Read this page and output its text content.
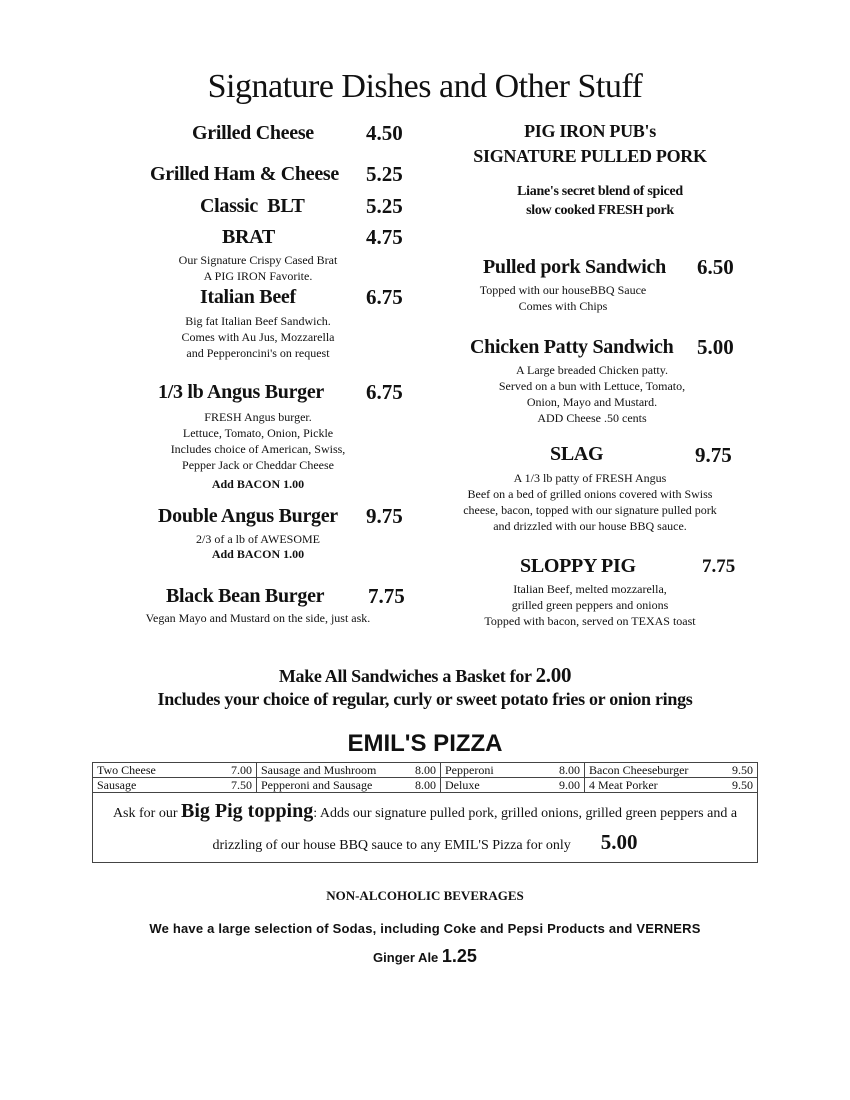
Signature Dishes and Other Stuff
Grilled Cheese 4.50
Grilled Ham & Cheese 5.25
Classic  BLT	5.25
BRAT	4.75
Our Signature Crispy Cased Brat
A PIG IRON Favorite.
Italian Beef	6.75
Big fat Italian Beef Sandwich.
Comes with Au Jus, Mozzarella
and Pepperoncini's on request
1/3 lb Angus Burger 6.75
FRESH Angus burger.
Lettuce, Tomato, Onion, Pickle
Includes choice of American, Swiss,
Pepper Jack or Cheddar Cheese
Add BACON 1.00
Double Angus Burger 9.75
2/3 of a lb of AWESOME
Add BACON 1.00
Black Bean Burger 7.75
Vegan Mayo and Mustard on the side, just ask.
PIG IRON PUB's
SIGNATURE PULLED PORK
Liane's secret blend of spiced
slow cooked FRESH pork
Pulled pork Sandwich 6.50
Topped with our houseBBQ Sauce
Comes with Chips
Chicken Patty Sandwich 5.00
A Large breaded Chicken patty.
Served on a bun with Lettuce, Tomato,
Onion, Mayo and Mustard.
ADD Cheese .50 cents
SLAG	9.75
A 1/3 lb patty of FRESH Angus
Beef on a bed of grilled onions covered with Swiss
cheese, bacon, topped with our signature pulled pork
and drizzled with our house BBQ sauce.
SLOPPY PIG	7.75
Italian Beef, melted mozzarella,
grilled green peppers and onions
Topped with bacon, served on TEXAS toast
Make All Sandwiches a Basket for 2.00
Includes your choice of regular, curly or sweet potato fries or onion rings
EMIL'S PIZZA
Two Cheese 7.00	Sausage and Mushroom 8.00	Pepperoni 8.00	Bacon Cheeseburger 9.50

Sausage 7.50	Pepperoni and Sausage 8.00	Deluxe 9.00	4 Meat Porker 9.50

Ask for our Big Pig topping: Adds our signature pulled pork, grilled onions, grilled green peppers and a drizzling of our house BBQ sauce to any EMIL'S Pizza for only 5.00			
NON-ALCOHOLIC BEVERAGES
We have a large selection of Sodas, including Coke and Pepsi Products and VERNERS
Ginger Ale 1.25
